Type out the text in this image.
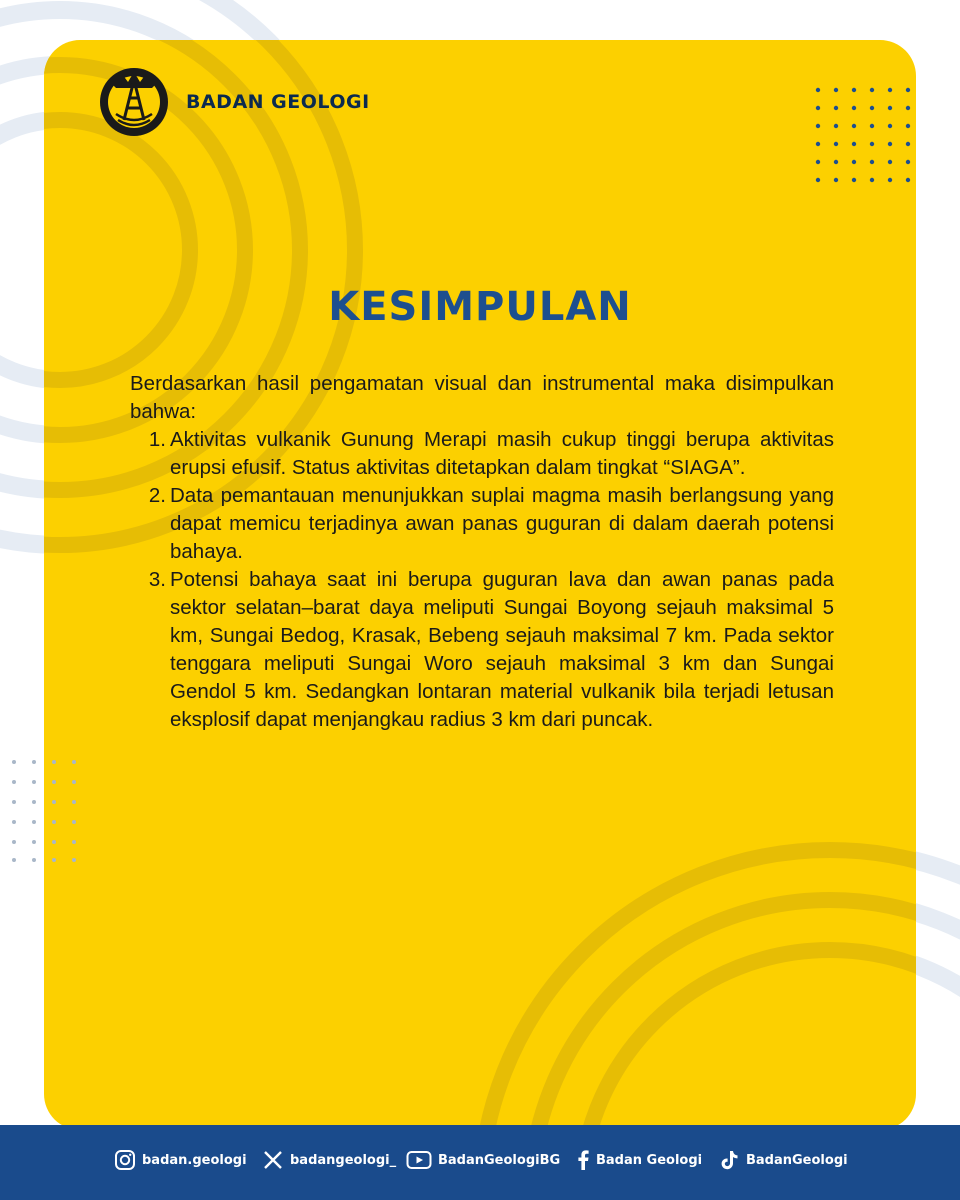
BADAN GEOLOGI
KESIMPULAN

Berdasarkan hasil pengamatan visual dan instrumental maka disimpulkan bahwa:

1. Aktivitas vulkanik Gunung Merapi masih cukup tinggi berupa aktivitas erupsi efusif. Status aktivitas ditetapkan dalam tingkat “SIAGA”.
2. Data pemantauan menunjukkan suplai magma masih berlangsung yang dapat memicu terjadinya awan panas guguran di dalam daerah potensi bahaya.
3. Potensi bahaya saat ini berupa guguran lava dan awan panas pada sektor selatan–barat daya meliputi Sungai Boyong sejauh maksimal 5 km, Sungai Bedog, Krasak, Bebeng sejauh maksimal 7 km. Pada sektor tenggara meliputi Sungai Woro sejauh maksimal 3 km dan Sungai Gendol 5 km. Sedangkan lontaran material vulkanik bila terjadi letusan eksplosif dapat menjangkau radius 3 km dari puncak.
badan.geologi	badangeologi_	BadanGeologiBG	Badan Geologi	BadanGeologi
